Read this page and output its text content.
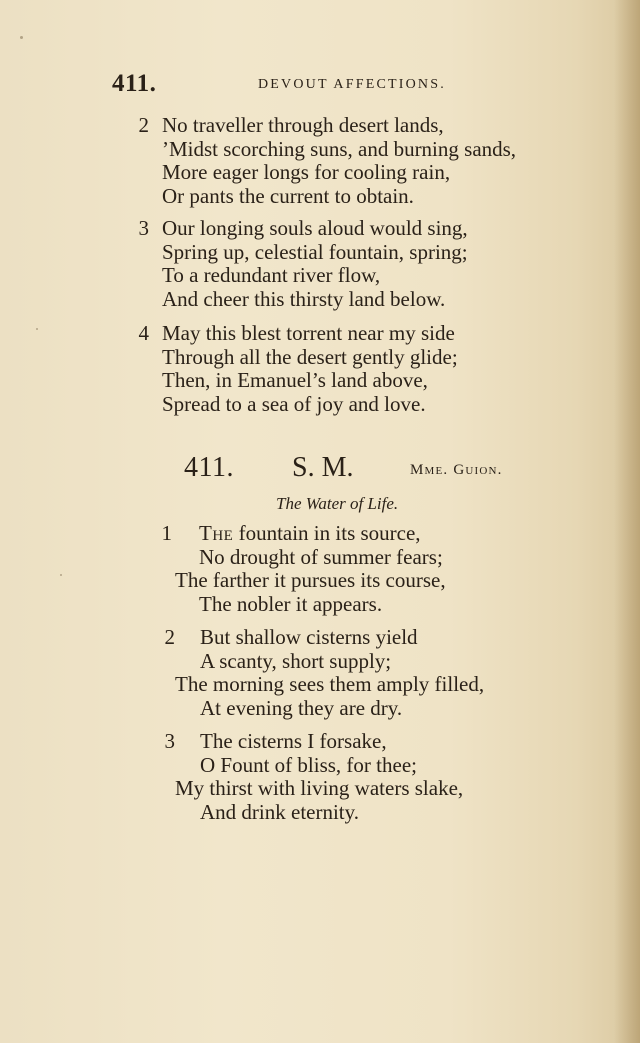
411.	DEVOUT AFFECTIONS.
2 No traveller through desert lands,
’Midst scorching suns, and burning sands,
More eager longs for cooling rain,
Or pants the current to obtain.
3 Our longing souls aloud would sing,
Spring up, celestial fountain, spring;
To a redundant river flow,
And cheer this thirsty land below.
4 May this blest torrent near my side
Through all the desert gently glide;
Then, in Emanuel’s land above,
Spread to a sea of joy and love.
411. S. M.	Mme. Guion.
The Water of Life.
1 The fountain in its source,
No drought of summer fears;
The farther it pursues its course,
The nobler it appears.
2 But shallow cisterns yield
A scanty, short supply;
The morning sees them amply filled,
At evening they are dry.
3 The cisterns I forsake,
O Fount of bliss, for thee;
My thirst with living waters slake,
And drink eternity.
